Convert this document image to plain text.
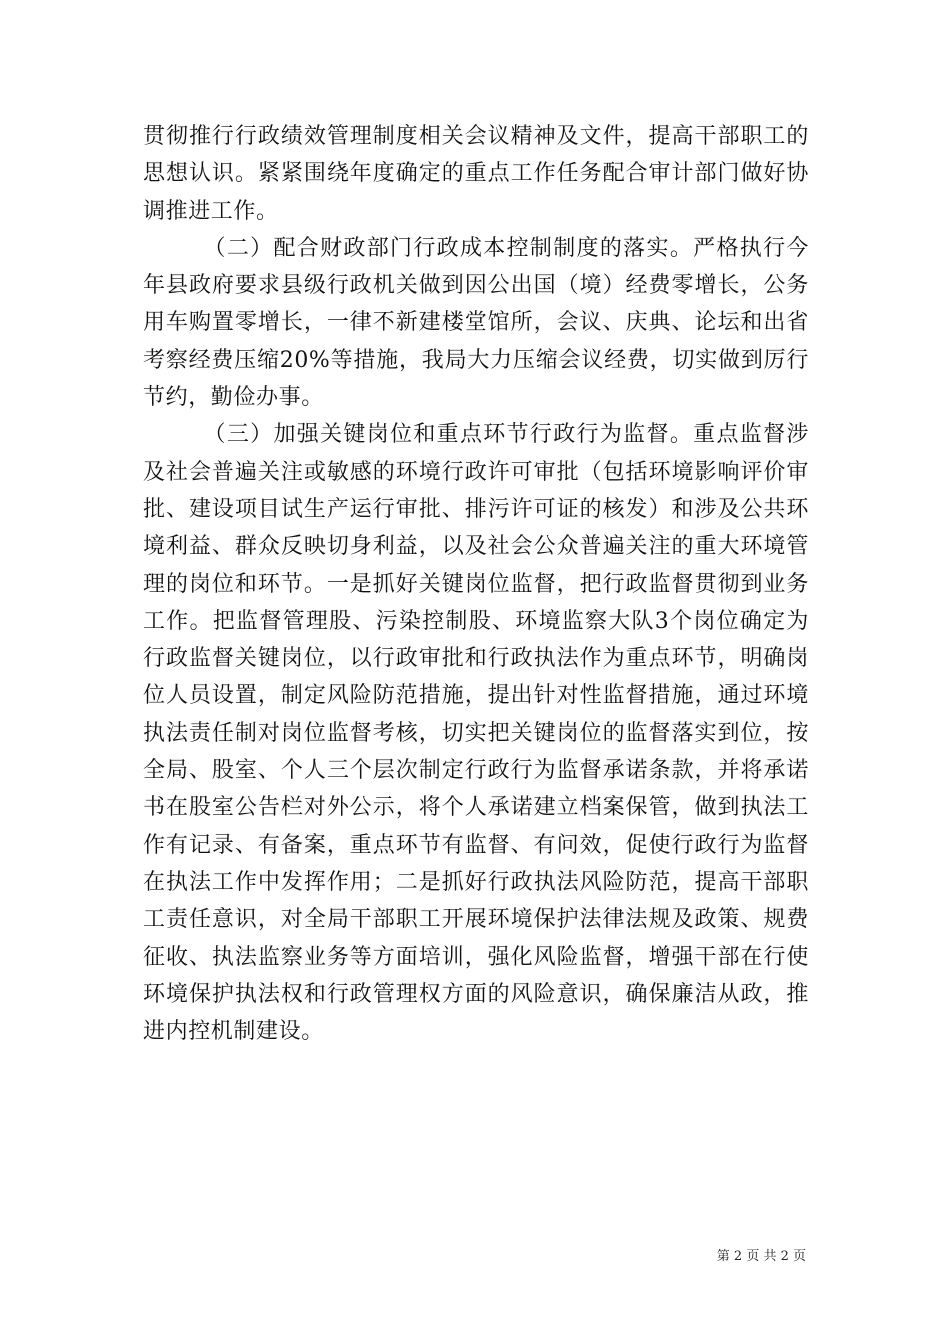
贯彻推行行政绩效管理制度相关会议精神及文件，提高干部职工的思想认识。紧紧围绕年度确定的重点工作任务配合审计部门做好协调推进工作。

（二）配合财政部门行政成本控制制度的落实。严格执行今年县政府要求县级行政机关做到因公出国（境）经费零增长，公务用车购置零增长，一律不新建楼堂馆所，会议、庆典、论坛和出省考察经费压缩20%等措施，我局大力压缩会议经费，切实做到厉行节约，勤俭办事。

（三）加强关键岗位和重点环节行政行为监督。重点监督涉及社会普遍关注或敏感的环境行政许可审批（包括环境影响评价审批、建设项目试生产运行审批、排污许可证的核发）和涉及公共环境利益、群众反映切身利益，以及社会公众普遍关注的重大环境管理的岗位和环节。一是抓好关键岗位监督，把行政监督贯彻到业务工作。把监督管理股、污染控制股、环境监察大队3个岗位确定为行政监督关键岗位，以行政审批和行政执法作为重点环节，明确岗位人员设置，制定风险防范措施，提出针对性监督措施，通过环境执法责任制对岗位监督考核，切实把关键岗位的监督落实到位，按全局、股室、个人三个层次制定行政行为监督承诺条款，并将承诺书在股室公告栏对外公示，将个人承诺建立档案保管，做到执法工作有记录、有备案，重点环节有监督、有问效，促使行政行为监督在执法工作中发挥作用；二是抓好行政执法风险防范，提高干部职工责任意识，对全局干部职工开展环境保护法律法规及政策、规费征收、执法监察业务等方面培训，强化风险监督，增强干部在行使环境保护执法权和行政管理权方面的风险意识，确保廉洁从政，推进内控机制建设。

第 2 页 共 2 页
